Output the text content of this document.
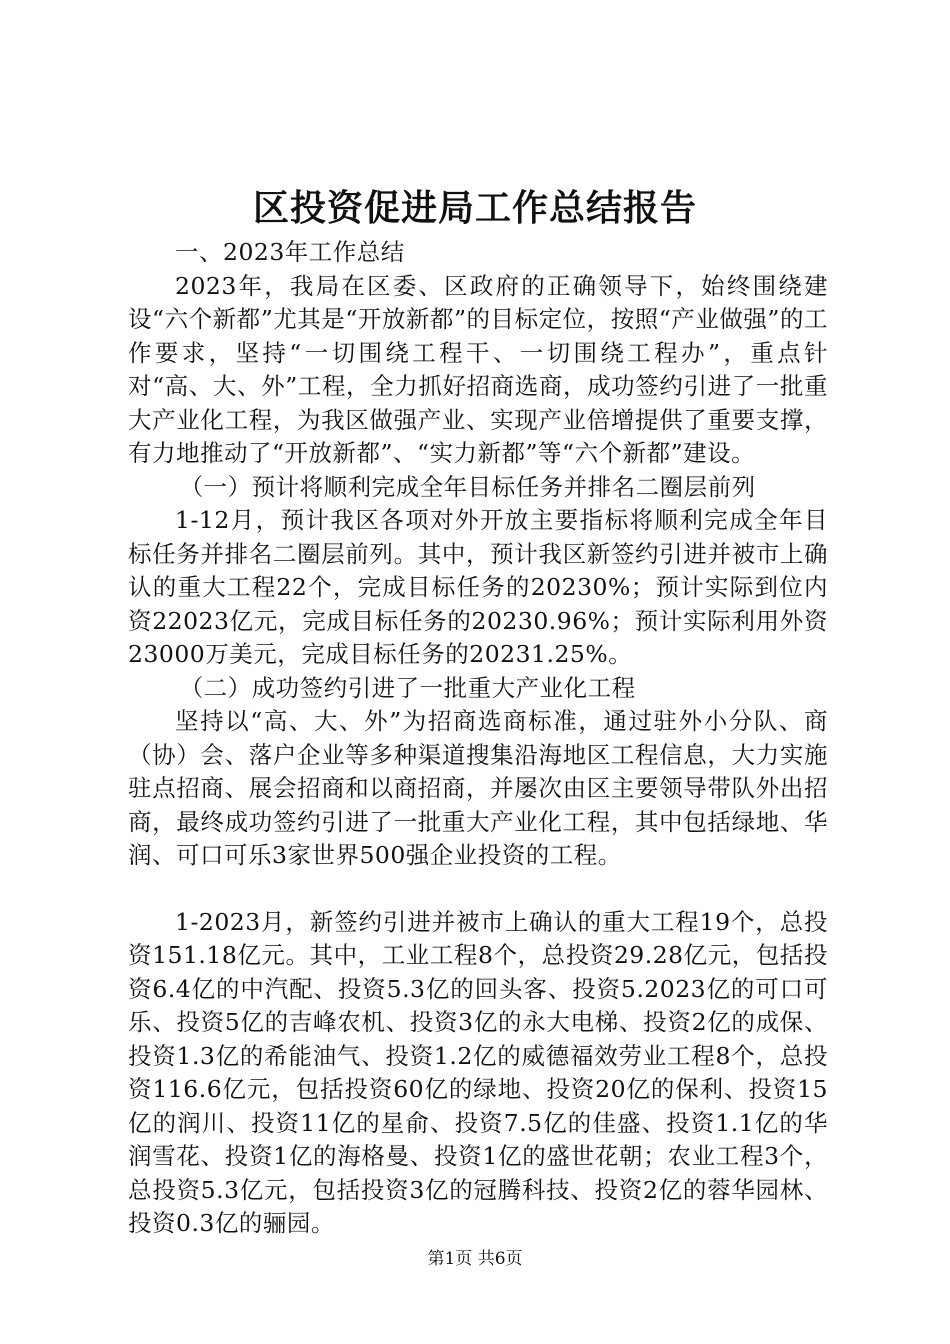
区投资促进局工作总结报告

一、2023年工作总结

2023年，我局在区委、区政府的正确领导下，始终围绕建设“六个新都”尤其是“开放新都”的目标定位，按照“产业做强”的工作要求，坚持“一切围绕工程干、一切围绕工程办”，重点针对“高、大、外”工程，全力抓好招商选商，成功签约引进了一批重大产业化工程，为我区做强产业、实现产业倍增提供了重要支撑，有力地推动了“开放新都”、“实力新都”等“六个新都”建设。

（一）预计将顺利完成全年目标任务并排名二圈层前列

1-12月，预计我区各项对外开放主要指标将顺利完成全年目标任务并排名二圈层前列。其中，预计我区新签约引进并被市上确认的重大工程22个，完成目标任务的20230%；预计实际到位内资22023亿元，完成目标任务的20230.96%；预计实际利用外资23000万美元，完成目标任务的20231.25%。

（二）成功签约引进了一批重大产业化工程

坚持以“高、大、外”为招商选商标准，通过驻外小分队、商（协）会、落户企业等多种渠道搜集沿海地区工程信息，大力实施驻点招商、展会招商和以商招商，并屡次由区主要领导带队外出招商，最终成功签约引进了一批重大产业化工程，其中包括绿地、华润、可口可乐3家世界500强企业投资的工程。

1-2023月，新签约引进并被市上确认的重大工程19个，总投资151.18亿元。其中，工业工程8个，总投资29.28亿元，包括投资6.4亿的中汽配、投资5.3亿的回头客、投资5.2023亿的可口可乐、投资5亿的吉峰农机、投资3亿的永大电梯、投资2亿的成保、投资1.3亿的希能油气、投资1.2亿的威德福效劳业工程8个，总投资116.6亿元，包括投资60亿的绿地、投资20亿的保利、投资15亿的润川、投资11亿的星俞、投资7.5亿的佳盛、投资1.1亿的华润雪花、投资1亿的海格曼、投资1亿的盛世花朝；农业工程3个，总投资5.3亿元，包括投资3亿的冠腾科技、投资2亿的蓉华园林、投资0.3亿的骊园。

第1页 共6页
